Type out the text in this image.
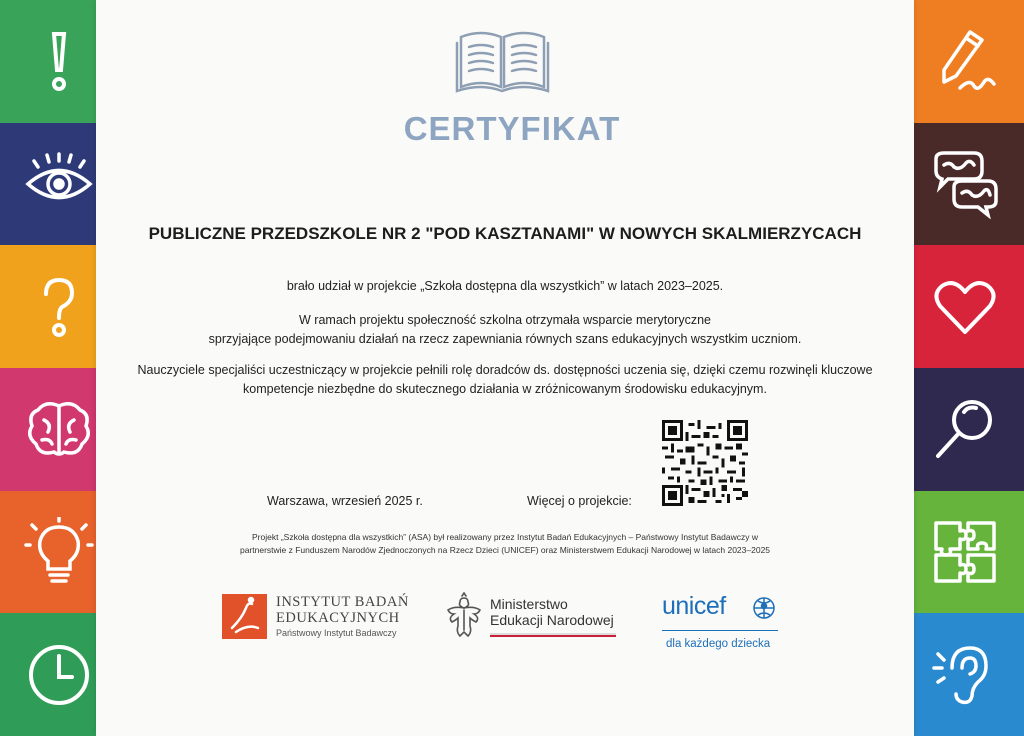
CERTYFIKAT
PUBLICZNE PRZEDSZKOLE NR 2 "POD KASZTANAMI" W NOWYCH SKALMIERZYCACH
brało udział w projekcie „Szkoła dostępna dla wszystkich” w latach 2023–2025.
W ramach projektu społeczność szkolna otrzymała wsparcie merytoryczne
sprzyjające podejmowaniu działań na rzecz zapewniania równych szans edukacyjnych wszystkim uczniom.
Nauczyciele specjaliści uczestniczący w projekcie pełnili rolę doradców ds. dostępności uczenia się, dzięki czemu rozwinęli kluczowe
kompetencje niezbędne do skutecznego działania w zróżnicowanym środowisku edukacyjnym.
Warszawa, wrzesień 2025 r.	Więcej o projekcie:
Projekt „Szkoła dostępna dla wszystkich” (ASA) był realizowany przez Instytut Badań Edukacyjnych – Państwowy Instytut Badawczy w
partnerstwie z Funduszem Narodów Zjednoczonych na Rzecz Dzieci (UNICEF) oraz Ministerstwem Edukacji Narodowej w latach 2023–2025
INSTYTUT BADAŃ
EDUKACYJNYCH
Państwowy Instytut Badawczy
Ministerstwo
Edukacji Narodowej unicef
dla każdego dziecka
